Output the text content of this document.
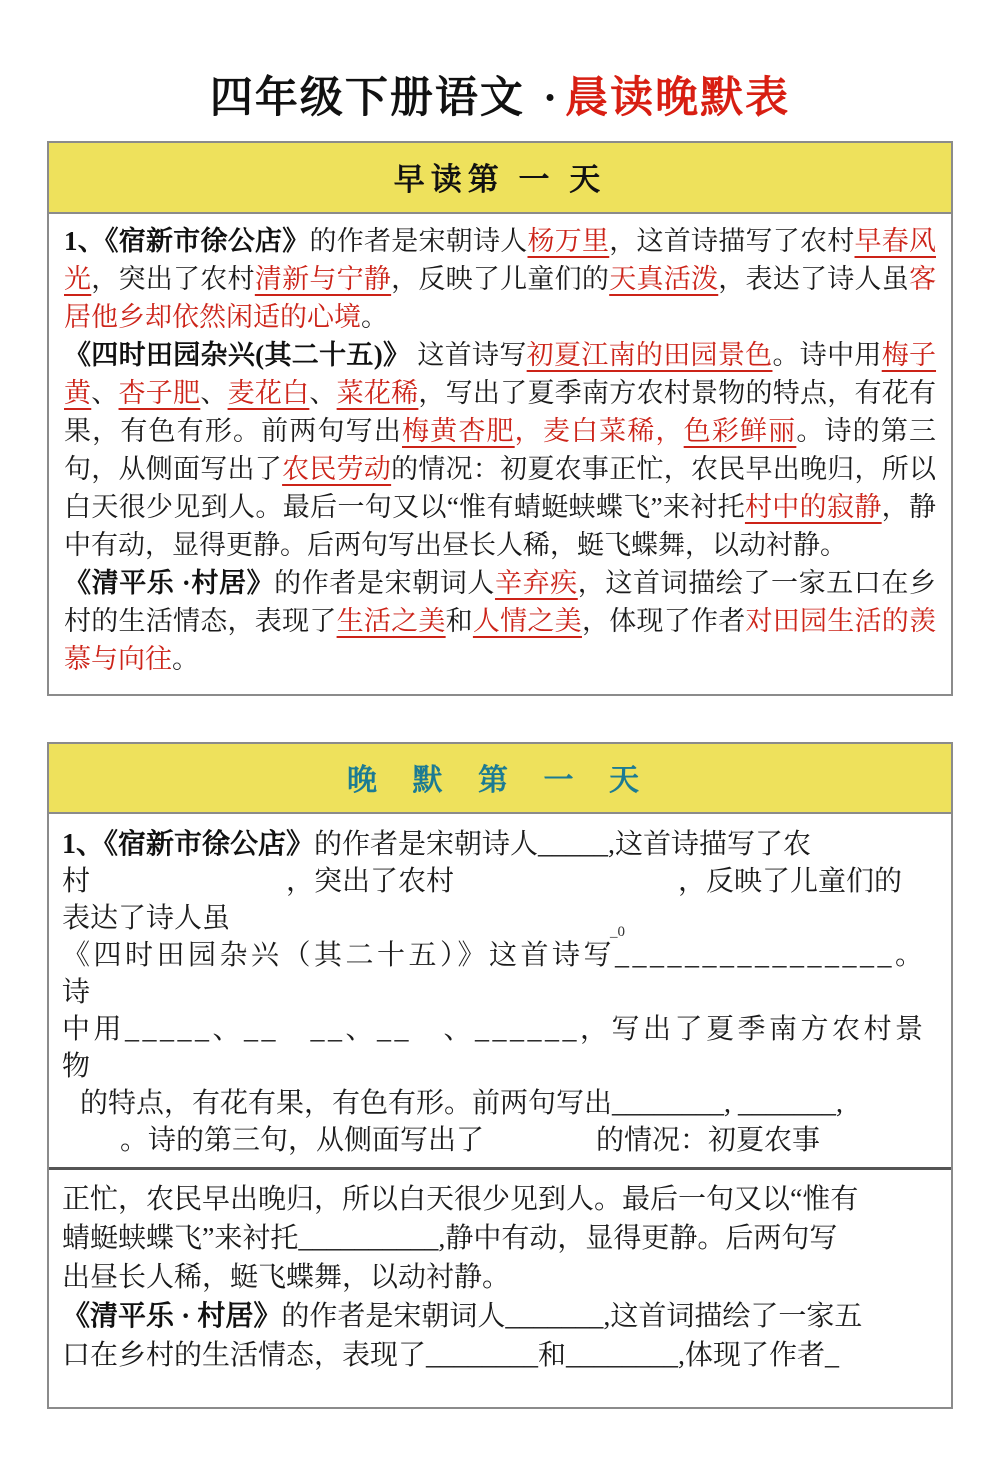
四年级下册语文 · 晨读晚默表
早读第 一 天

1、《宿新市徐公店》的作者是宋朝诗人杨万里，这首诗描写了农村早春风光，突出了农村清新与宁静，反映了儿童们的天真活泼，表达了诗人虽客居他乡却依然闲适的心境。

《四时田园杂兴(其二十五)》 这首诗写初夏江南的田园景色。诗中用梅子黄、杏子肥、麦花白、菜花稀，写出了夏季南方农村景物的特点，有花有果，有色有形。前两句写出梅黄杏肥，麦白菜稀，色彩鲜丽。诗的第三句，从侧面写出了农民劳动的情况：初夏农事正忙，农民早出晚归，所以白天很少见到人。最后一句又以“惟有蜻蜓蛱蝶飞”来衬托村中的寂静，静中有动，显得更静。后两句写出昼长人稀，蜓飞蝶舞，以动衬静。

《清平乐 ·村居》的作者是宋朝词人辛弃疾，这首词描绘了一家五口在乡村的生活情态，表现了生活之美和人情之美，体现了作者对田园生活的羡慕与向往。

晚 默 第 一 天
1、《宿新市徐公店》的作者是宋朝诗人_____,这首诗描写了农
村　　　　　　　，突出了农村　　　　　　　　，反映了儿童们的
表达了诗人虽	_0
《四时田园杂兴（其二十五）》这首诗写________________。 诗
中用_____、__　__、__　、______，写出了夏季南方农村景物
的特点，有花有果，有色有形。前两句写出________, _______,
。诗的第三句，从侧面写出了　　　　的情况：初夏农事
正忙，农民早出晚归，所以白天很少见到人。最后一句又以“惟有
蜻蜓蛱蝶飞”来衬托__________,静中有动，显得更静。后两句写
出昼长人稀，蜓飞蝶舞，以动衬静。
《清平乐 · 村居》的作者是宋朝词人_______,这首词描绘了一家五
口在乡村的生活情态，表现了________和________,体现了作者_
